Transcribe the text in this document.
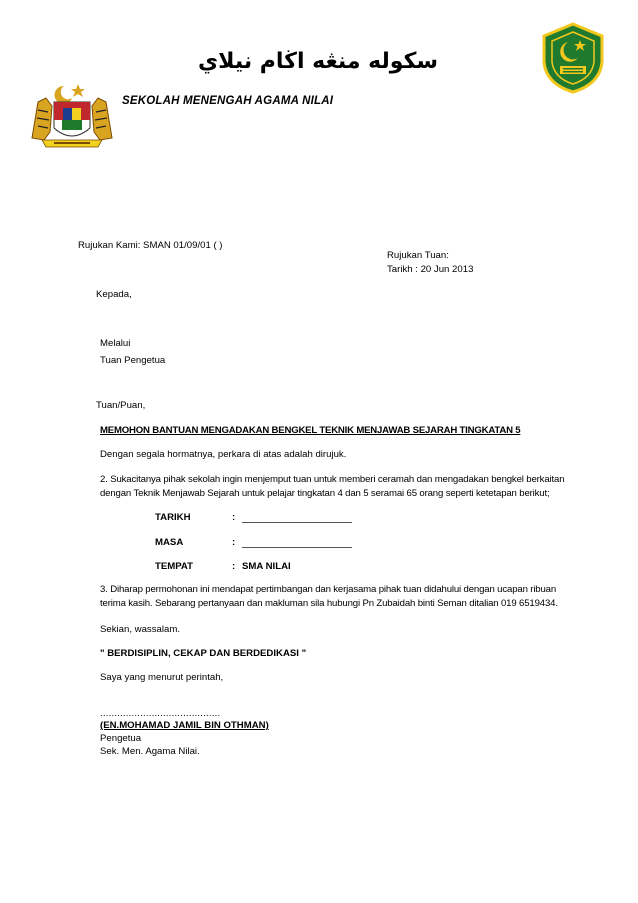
سکوله منڠه اڬام نيلاي
SEKOLAH MENENGAH AGAMA NILAI
Rujukan Kami: SMAN 01/09/01 ( )
Rujukan Tuan:
Tarikh : 20 Jun 2013
Kepada,
Melalui
Tuan Pengetua
Tuan/Puan,
MEMOHON BANTUAN MENGADAKAN BENGKEL TEKNIK MENJAWAB SEJARAH TINGKATAN 5
Dengan segala hormatnya, perkara di atas adalah dirujuk.
2. Sukacitanya pihak sekolah ingin menjemput tuan untuk memberi ceramah dan mengadakan bengkel berkaitan
dengan Teknik Menjawab Sejarah untuk pelajar tingkatan 4 dan 5 seramai 65 orang seperti ketetapan berikut;
TARIKH	:
MASA	:
TEMPAT	: SMA NILAI
3. Diharap permohonan ini mendapat pertimbangan dan kerjasama pihak tuan didahului dengan ucapan ribuan
terima kasih. Sebarang pertanyaan dan makluman sila hubungi Pn Zubaidah binti Seman ditalian 019 6519434.
Sekian, wassalam.
" BERDISIPLIN, CEKAP DAN BERDEDIKASI "
Saya yang menurut perintah,
..........................................
(EN.MOHAMAD JAMIL BIN OTHMAN)
Pengetua
Sek. Men. Agama Nilai.
